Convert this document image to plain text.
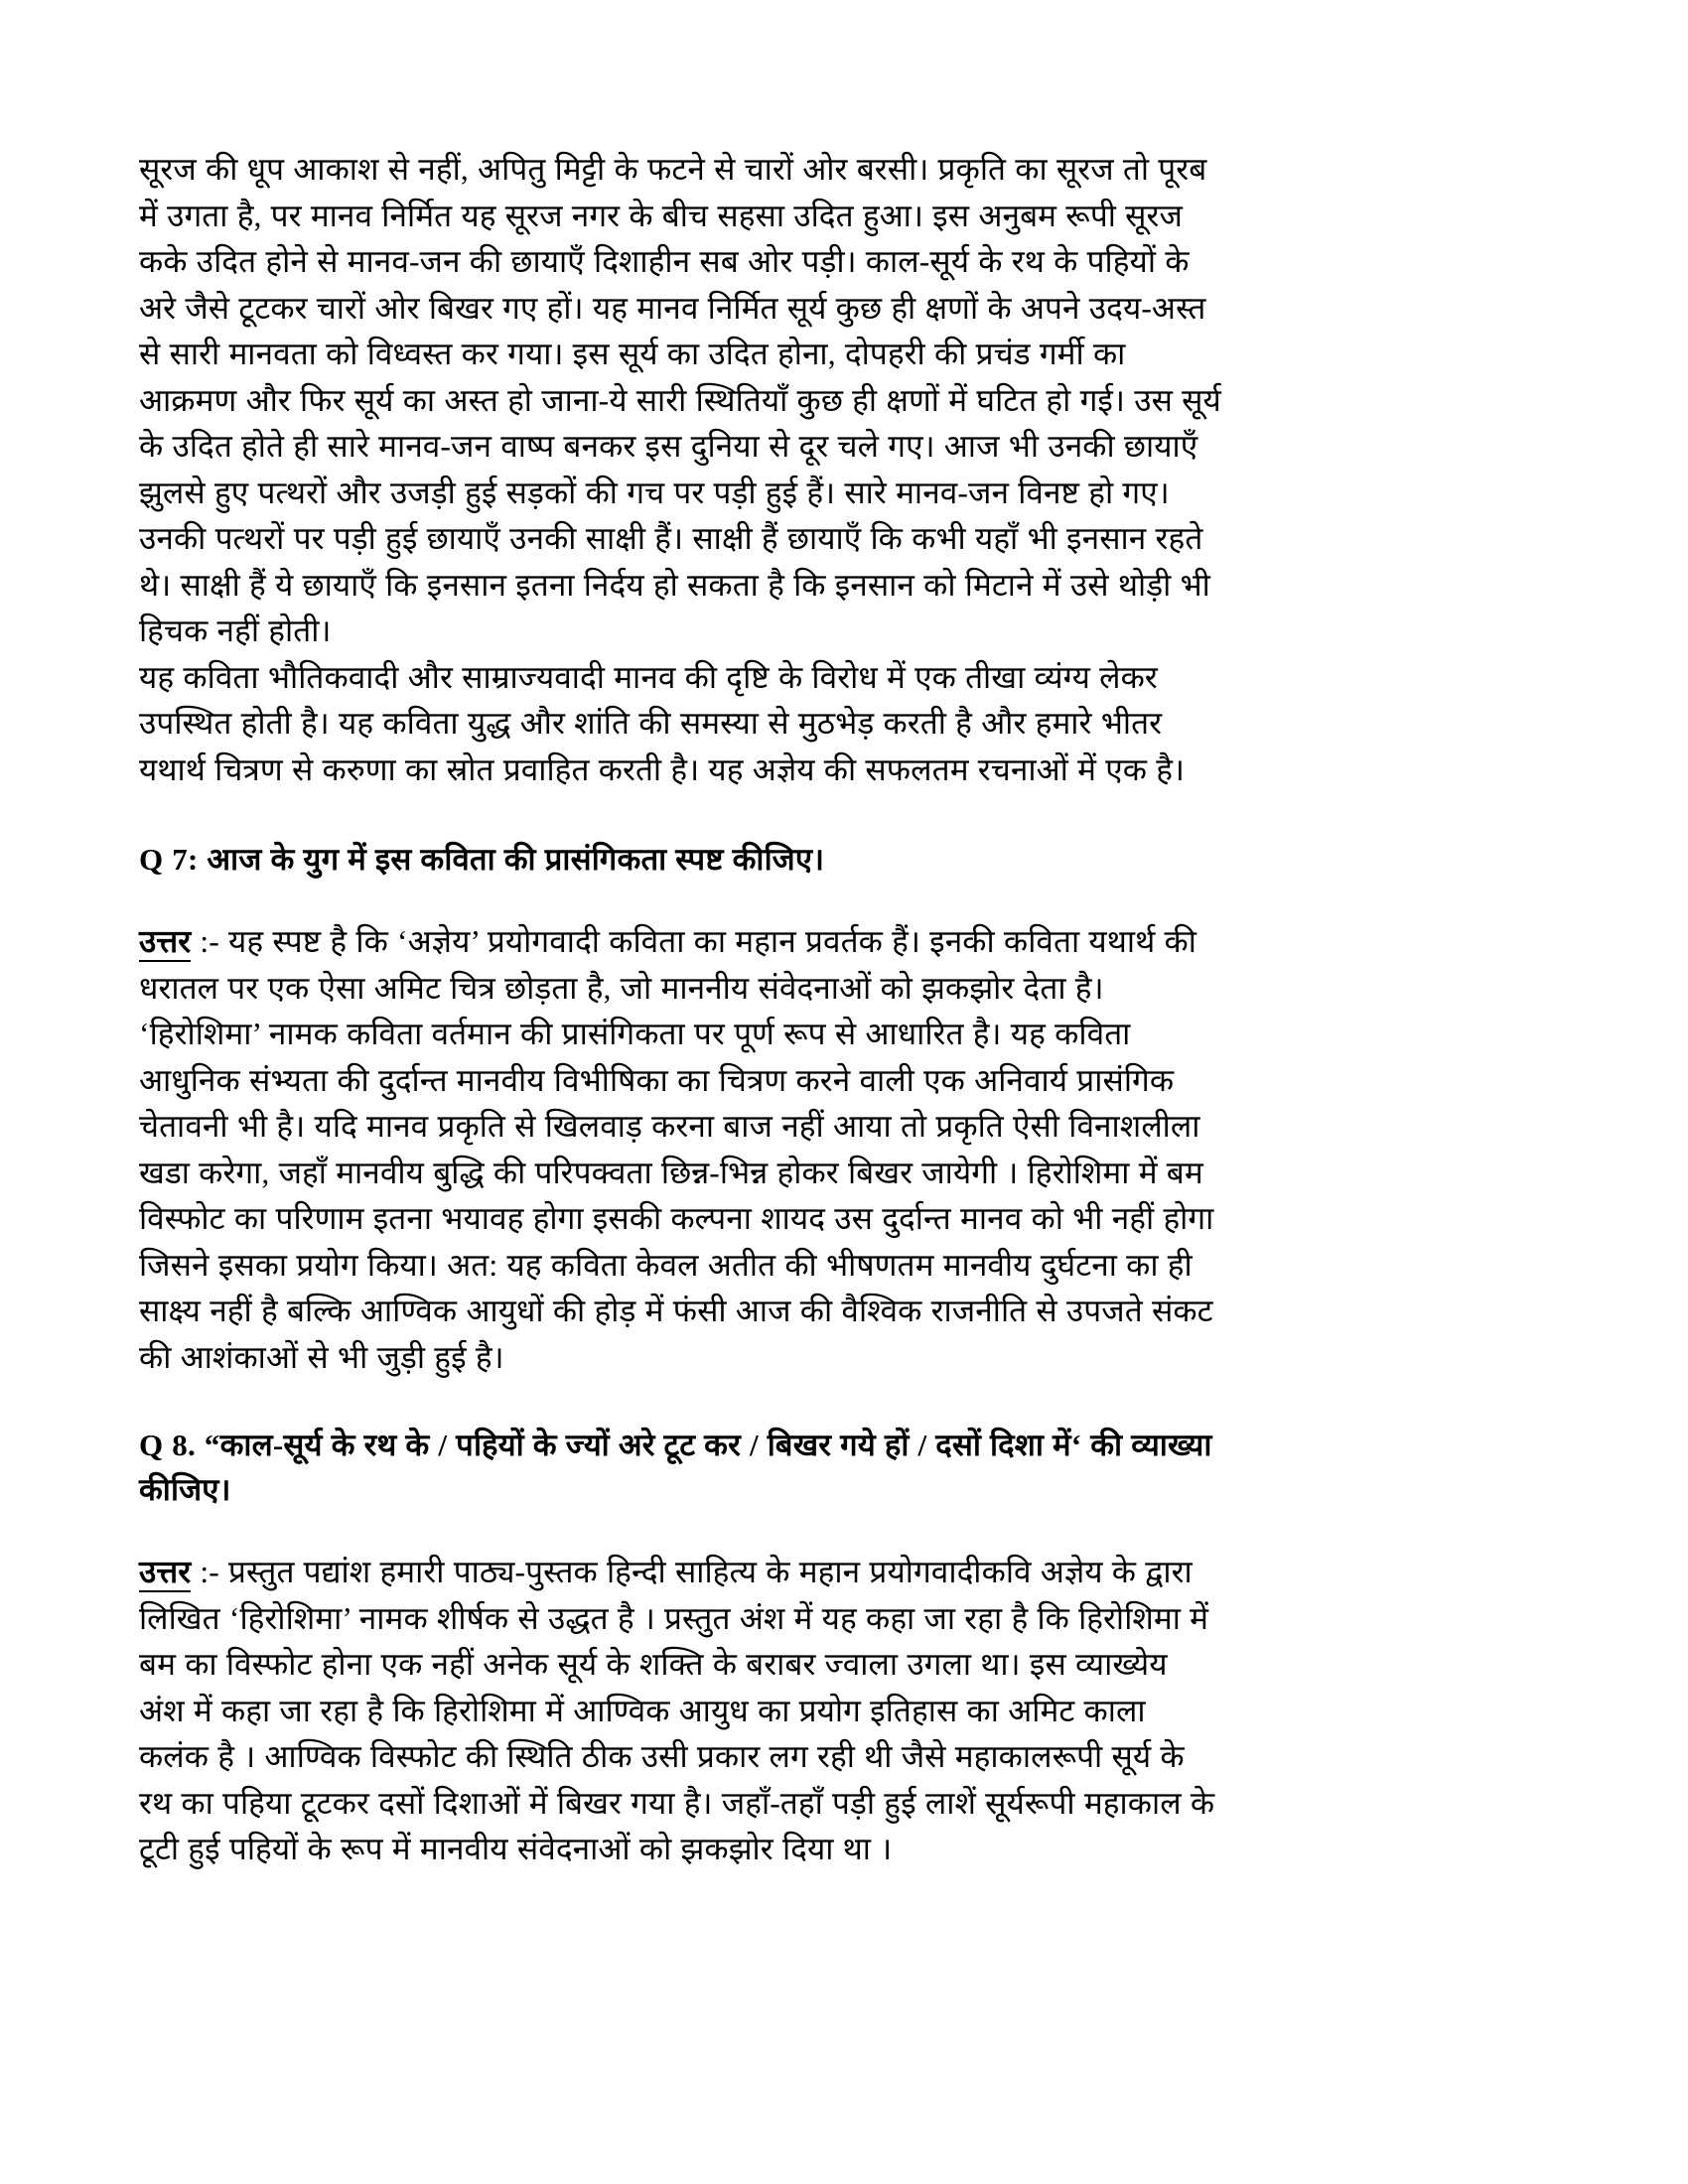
सूरज की धूप आकाश से नहीं, अपितु मिट्टी के फटने से चारों ओर बरसी। प्रकृति का सूरज तो पूरब में उगता है, पर मानव निर्मित यह सूरज नगर के बीच सहसा उदित हुआ। इस अनुबम रूपी सूरज कके उदित होने से मानव-जन की छायाएँ दिशाहीन सब ओर पड़ी। काल-सूर्य के रथ के पहियों के अरे जैसे टूटकर चारों ओर बिखर गए हों। यह मानव निर्मित सूर्य कुछ ही क्षणों के अपने उदय-अस्त से सारी मानवता को विध्वस्त कर गया। इस सूर्य का उदित होना, दोपहरी की प्रचंड गर्मी का आक्रमण और फिर सूर्य का अस्त हो जाना-ये सारी स्थितियाँ कुछ ही क्षणों में घटित हो गई। उस सूर्य के उदित होते ही सारे मानव-जन वाष्प बनकर इस दुनिया से दूर चले गए। आज भी उनकी छायाएँ झुलसे हुए पत्थरों और उजड़ी हुई सड़कों की गच पर पड़ी हुई हैं। सारे मानव-जन विनष्ट हो गए। उनकी पत्थरों पर पड़ी हुई छायाएँ उनकी साक्षी हैं। साक्षी हैं छायाएँ कि कभी यहाँ भी इनसान रहते थे। साक्षी हैं ये छायाएँ कि इनसान इतना निर्दय हो सकता है कि इनसान को मिटाने में उसे थोड़ी भी हिचक नहीं होती।

यह कविता भौतिकवादी और साम्राज्यवादी मानव की दृष्टि के विरोध में एक तीखा व्यंग्य लेकर उपस्थित होती है। यह कविता युद्ध और शांति की समस्या से मुठभेड़ करती है और हमारे भीतर यथार्थ चित्रण से करुणा का स्रोत प्रवाहित करती है। यह अज्ञेय की सफलतम रचनाओं में एक है।

Q 7: आज के युग में इस कविता की प्रासंगिकता स्पष्ट कीजिए।

उत्तर :- यह स्पष्ट है कि ‘अज्ञेय’ प्रयोगवादी कविता का महान प्रवर्तक हैं। इनकी कविता यथार्थ की धरातल पर एक ऐसा अमिट चित्र छोड़ता है, जो माननीय संवेदनाओं को झकझोर देता है। ‘हिरोशिमा’ नामक कविता वर्तमान की प्रासंगिकता पर पूर्ण रूप से आधारित है। यह कविता आधुनिक संभ्यता की दुर्दान्त मानवीय विभीषिका का चित्रण करने वाली एक अनिवार्य प्रासंगिक चेतावनी भी है। यदि मानव प्रकृति से खिलवाड़ करना बाज नहीं आया तो प्रकृति ऐसी विनाशलीला खडा करेगा, जहाँ मानवीय बुद्धि की परिपक्वता छिन्न-भिन्न होकर बिखर जायेगी । हिरोशिमा में बम विस्फोट का परिणाम इतना भयावह होगा इसकी कल्पना शायद उस दुर्दान्त मानव को भी नहीं होगा जिसने इसका प्रयोग किया। अत: यह कविता केवल अतीत की भीषणतम मानवीय दुर्घटना का ही साक्ष्य नहीं है बल्कि आण्विक आयुधों की होड़ में फंसी आज की वैश्विक राजनीति से उपजते संकट की आशंकाओं से भी जुड़ी हुई है।

Q 8. “काल-सूर्य के रथ के / पहियों के ज्यों अरे टूट कर / बिखर गये हों / दसों दिशा में‘ की व्याख्या कीजिए।

उत्तर :- प्रस्तुत पद्यांश हमारी पाठ्य-पुस्तक हिन्दी साहित्य के महान प्रयोगवादीकवि अज्ञेय के द्वारा लिखित ‘हिरोशिमा’ नामक शीर्षक से उद्धत है । प्रस्तुत अंश में यह कहा जा रहा है कि हिरोशिमा में बम का विस्फोट होना एक नहीं अनेक सूर्य के शक्ति के बराबर ज्वाला उगला था। इस व्याख्येय अंश में कहा जा रहा है कि हिरोशिमा में आण्विक आयुध का प्रयोग इतिहास का अमिट काला कलंक है । आण्विक विस्फोट की स्थिति ठीक उसी प्रकार लग रही थी जैसे महाकालरूपी सूर्य के रथ का पहिया टूटकर दसों दिशाओं में बिखर गया है। जहाँ-तहाँ पड़ी हुई लाशें सूर्यरूपी महाकाल के टूटी हुई पहियों के रूप में मानवीय संवेदनाओं को झकझोर दिया था ।
